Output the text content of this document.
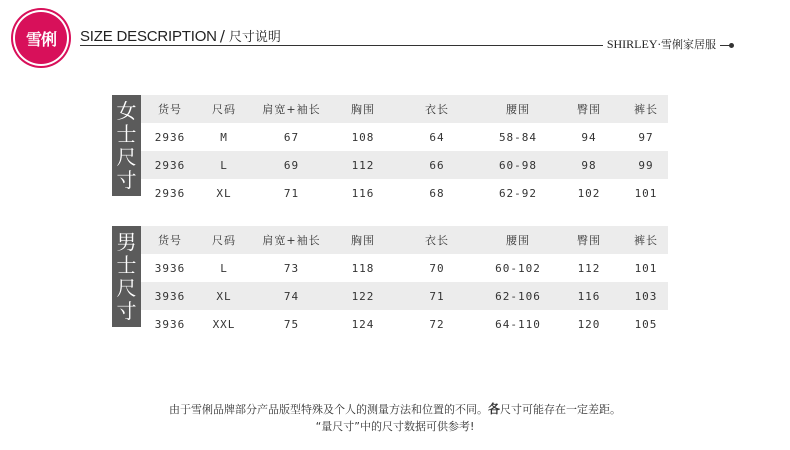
雪俐	SIZE DESCRIPTION / 尺寸说明	SHIRLEY·雪俐家居服
女
士
尺
寸
货号	尺码	肩宽+袖长	胸围	衣长	腰围	臀围	裤长
2936	M	67	108	64	58-84	94	97
2936	L	69	112	66	60-98	98	99
2936	XL	71	116	68	62-92	102	101
男
士
尺
寸
货号	尺码	肩宽+袖长	胸围	衣长	腰围	臀围	裤长
3936	L	73	118	70	60-102	112	101
3936	XL	74	122	71	62-106	116	103
3936	XXL	75	124	72	64-110	120	105
由于雪俐品牌部分产品版型特殊及个人的测量方法和位置的不同。各尺寸可能存在一定差距。
“量尺寸”中的尺寸数据可供参考!
